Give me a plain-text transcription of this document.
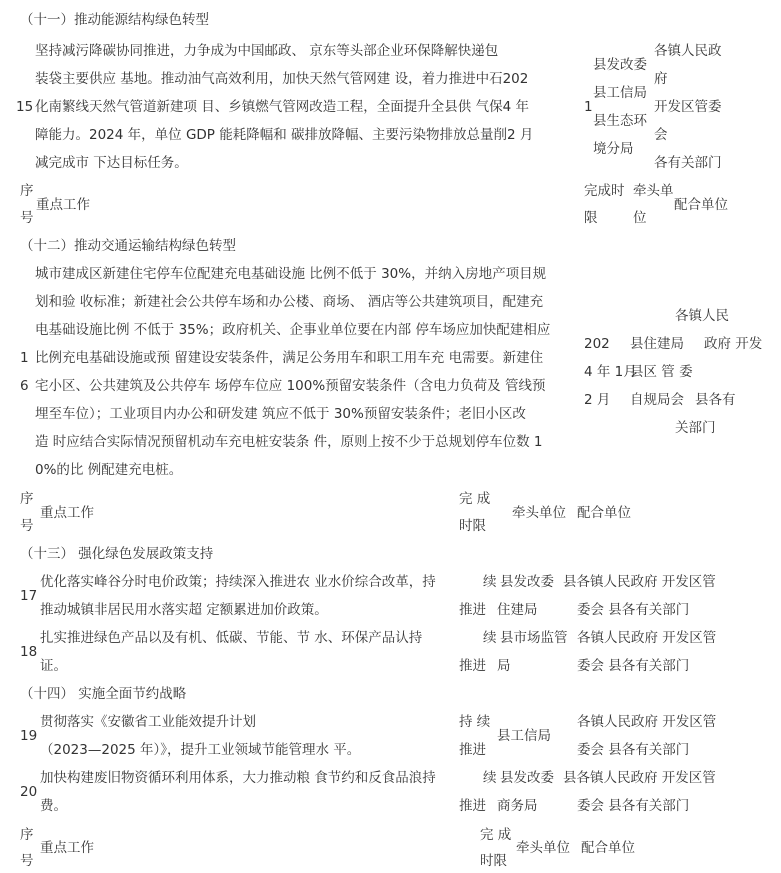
（十一）推动能源结构绿色转型
15
坚持减污降碳协同推进，力争成为中国邮政、 京东等头部企业环保降解快递包
装袋主要供应 基地。推动油气高效利用，加快天然气管网建 设，着力推进中石202
化南繁线天然气管道新建项 目、乡镇燃气管网改造工程，全面提升全县供 气保4 年
障能力。2024 年，单位 GDP 能耗降幅和 碳排放降幅、主要污染物排放总量削2 月
减完成市 下达目标任务。
县发改委
县工信局
1
县生态环
境分局
各镇人民政
府
开发区管委
会
各有关部门
序
号
重点工作
完成时
限
牵头单
位
配合单位
（十二）推动交通运输结构绿色转型
城市建成区新建住宅停车位配建充电基础设施 比例不低于 30%，并纳入房地产项目规
划和验 收标准；新建社会公共停车场和办公楼、商场、 酒店等公共建筑项目，配建充
电基础设施比例 不低于 35%；政府机关、企事业单位要在内部 停车场应加快配建相应
比例充电基础设施或预 留建设安装条件，满足公务用车和职工用车充 电需要。新建住
宅小区、公共建筑及公共停车 场停车位应 100%预留安装条件（含电力负荷及 管线预
埋至车位）；工业项目内办公和研发建 筑应不低于 30%预留安装条件；老旧小区改
造 时应结合实际情况预留机动车充电桩安装条 件，原则上按不少于总规划停车位数 1
0%的比 例配建充电桩。
1
6
202
4 年 1月
2 月
县住建局
县区 管 委
自规局会
各镇人民
政府 开发
县各有
关部门
序
号
重点工作
完 成
时限
牵头单位 配合单位
（十三） 强化绿色发展政策支持
17
优化落实峰谷分时电价政策；持续深入推进农 业水价综合改革，持
推动城镇非居民用水落实超 定额累进加价政策。
续
推进
县发改委
住建局
县各镇人民政府 开发区管
委会 县各有关部门
18
扎实推进绿色产品以及有机、低碳、节能、节 水、环保产品认持
证。
续
推进
县市场监管
局
各镇人民政府 开发区管
委会 县各有关部门
（十四） 实施全面节约战略
19
贯彻落实《安徽省工业能效提升计划
（2023—2025 年）》，提升工业领域节能管理水 平。
持 续
推进
县工信局
各镇人民政府 开发区管
委会 县各有关部门
20
加快构建废旧物资循环利用体系，大力推动粮 食节约和反食品浪持
费。
续
推进
县发改委
商务局
县各镇人民政府 开发区管
委会 县各有关部门
序
号
重点工作
完 成
时限
牵头单位 配合单位
